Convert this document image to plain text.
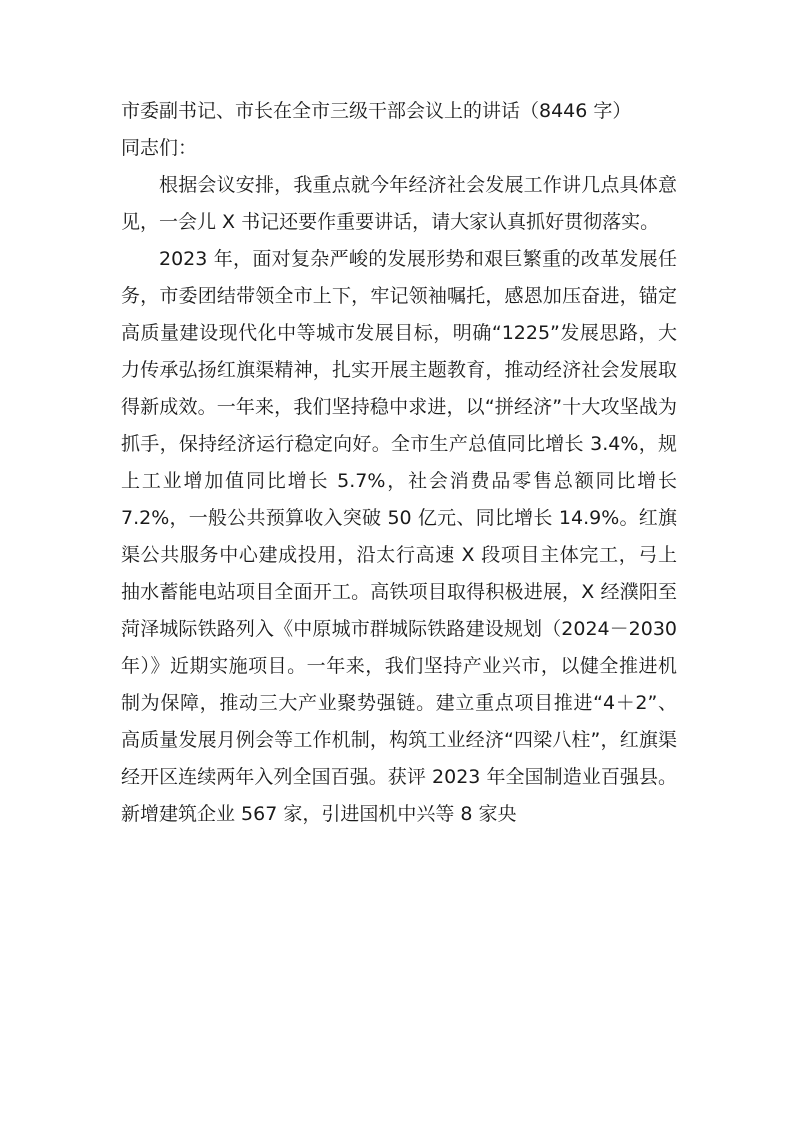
市委副书记、市长在全市三级干部会议上的讲话（8446 字）

同志们：

根据会议安排，我重点就今年经济社会发展工作讲几点具体意见，一会儿 X 书记还要作重要讲话，请大家认真抓好贯彻落实。

2023 年，面对复杂严峻的发展形势和艰巨繁重的改革发展任务，市委团结带领全市上下，牢记领袖嘱托，感恩加压奋进，锚定高质量建设现代化中等城市发展目标，明确“1225”发展思路，大力传承弘扬红旗渠精神，扎实开展主题教育，推动经济社会发展取得新成效。一年来，我们坚持稳中求进，以“拼经济”十大攻坚战为抓手，保持经济运行稳定向好。全市生产总值同比增长 3.4%，规上工业增加值同比增长 5.7%，社会消费品零售总额同比增长 7.2%，一般公共预算收入突破 50 亿元、同比增长 14.9%。红旗渠公共服务中心建成投用，沿太行高速 X 段项目主体完工，弓上抽水蓄能电站项目全面开工。高铁项目取得积极进展，X 经濮阳至菏泽城际铁路列入《中原城市群城际铁路建设规划（2024－2030 年）》近期实施项目。一年来，我们坚持产业兴市，以健全推进机制为保障，推动三大产业聚势强链。建立重点项目推进“4＋2”、高质量发展月例会等工作机制，构筑工业经济“四梁八柱”，红旗渠经开区连续两年入列全国百强。获评 2023 年全国制造业百强县。新增建筑企业 567 家，引进国机中兴等 8 家央
